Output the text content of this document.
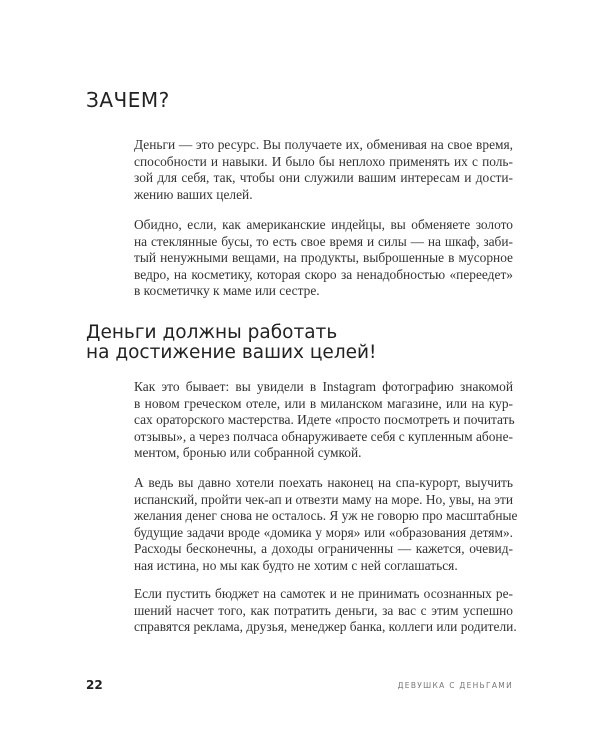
ЗАЧЕМ?
Деньги — это ресурс. Вы получаете их, обменивая на свое время,
способности и навыки. И было бы неплохо применять их с поль-
зой для себя, так, чтобы они служили вашим интересам и дости-
жению ваших целей.
Обидно, если, как американские индейцы, вы обменяете золото
на стеклянные бусы, то есть свое время и силы — на шкаф, заби-
тый ненужными вещами, на продукты, выброшенные в мусорное
ведро, на косметику, которая скоро за ненадобностью «переедет»
в косметичку к маме или сестре.
Деньги должны работать
на достижение ваших целей!
Как это бывает: вы увидели в Instagram фотографию знакомой
в новом греческом отеле, или в миланском магазине, или на кур-
сах ораторского мастерства. Идете «просто посмотреть и почитать
отзывы», а через полчаса обнаруживаете себя с купленным абоне-
ментом, бронью или собранной сумкой.
А ведь вы давно хотели поехать наконец на спа-курорт, выучить
испанский, пройти чек-ап и отвезти маму на море. Но, увы, на эти
желания денег снова не осталось. Я уж не говорю про масштабные
будущие задачи вроде «домика у моря» или «образования детям».
Расходы бесконечны, а доходы ограниченны — кажется, очевид-
ная истина, но мы как будто не хотим с ней соглашаться.
Если пустить бюджет на самотек и не принимать осознанных ре-
шений насчет того, как потратить деньги, за вас с этим успешно
справятся реклама, друзья, менеджер банка, коллеги или родители.
22	ДЕВУШКА С ДЕНЬГАМИ
